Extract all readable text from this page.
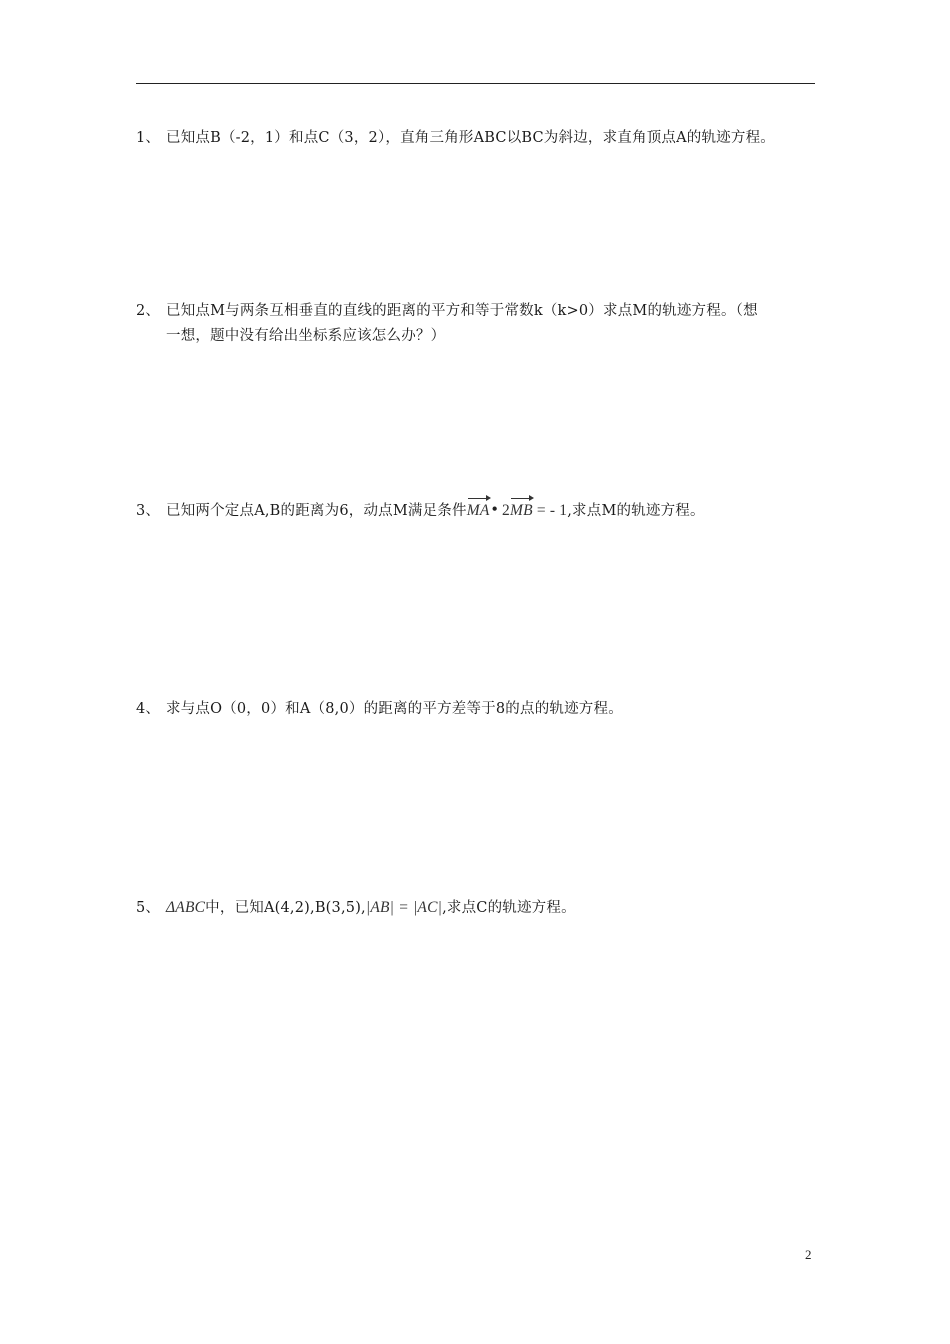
1、 已知点B（-2，1）和点C（3，2），直角三角形ABC以BC为斜边，求直角顶点A的轨迹方程。
2、 已知点M与两条互相垂直的直线的距离的平方和等于常数k（k>0）求点M的轨迹方程。（想
一想，题中没有给出坐标系应该怎么办？）
3、 已知两个定点A,B的距离为6，动点M满足条件MA • 2MB = - 1,求点M的轨迹方程。
4、 求与点O（0，0）和A（8,0）的距离的平方差等于8的点的轨迹方程。
5、 ΔABC中，已知A(4,2),B(3,5),|AB| = |AC|,求点C的轨迹方程。
2
